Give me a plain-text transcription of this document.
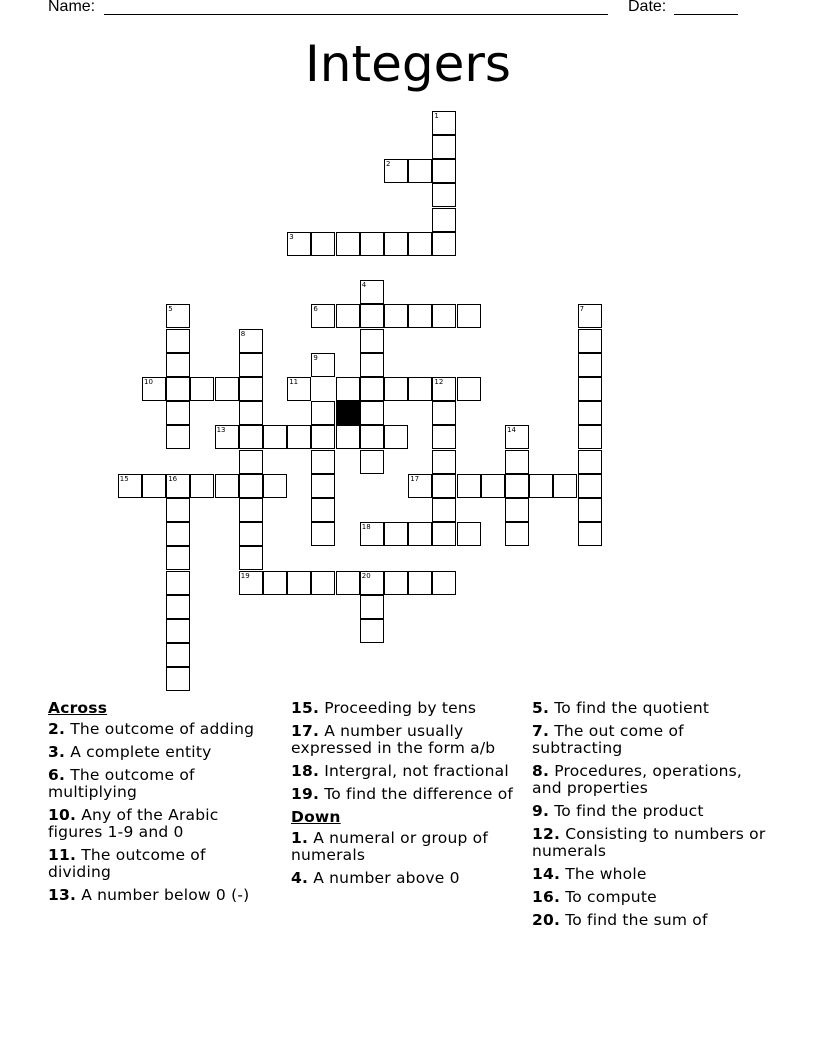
Name:	Date:
Integers
1
2
3
4
6
5	7
8
9
10	11	12
13	14
15	16	17
18
19	20
Across
2. The outcome of adding
3. A complete entity
6. The outcome of multiplying
10. Any of the Arabic figures 1-9 and 0
11. The outcome of dividing
13. A number below 0 (-)
15. Proceeding by tens
17. A number usually expressed in the form a/b
18. Intergral, not fractional
19. To find the difference of
Down
1. A numeral or group of numerals
4. A number above 0
5. To find the quotient
7. The out come of subtracting
8. Procedures, operations, and properties
9. To find the product
12. Consisting to numbers or numerals
14. The whole
16. To compute
20. To find the sum of
